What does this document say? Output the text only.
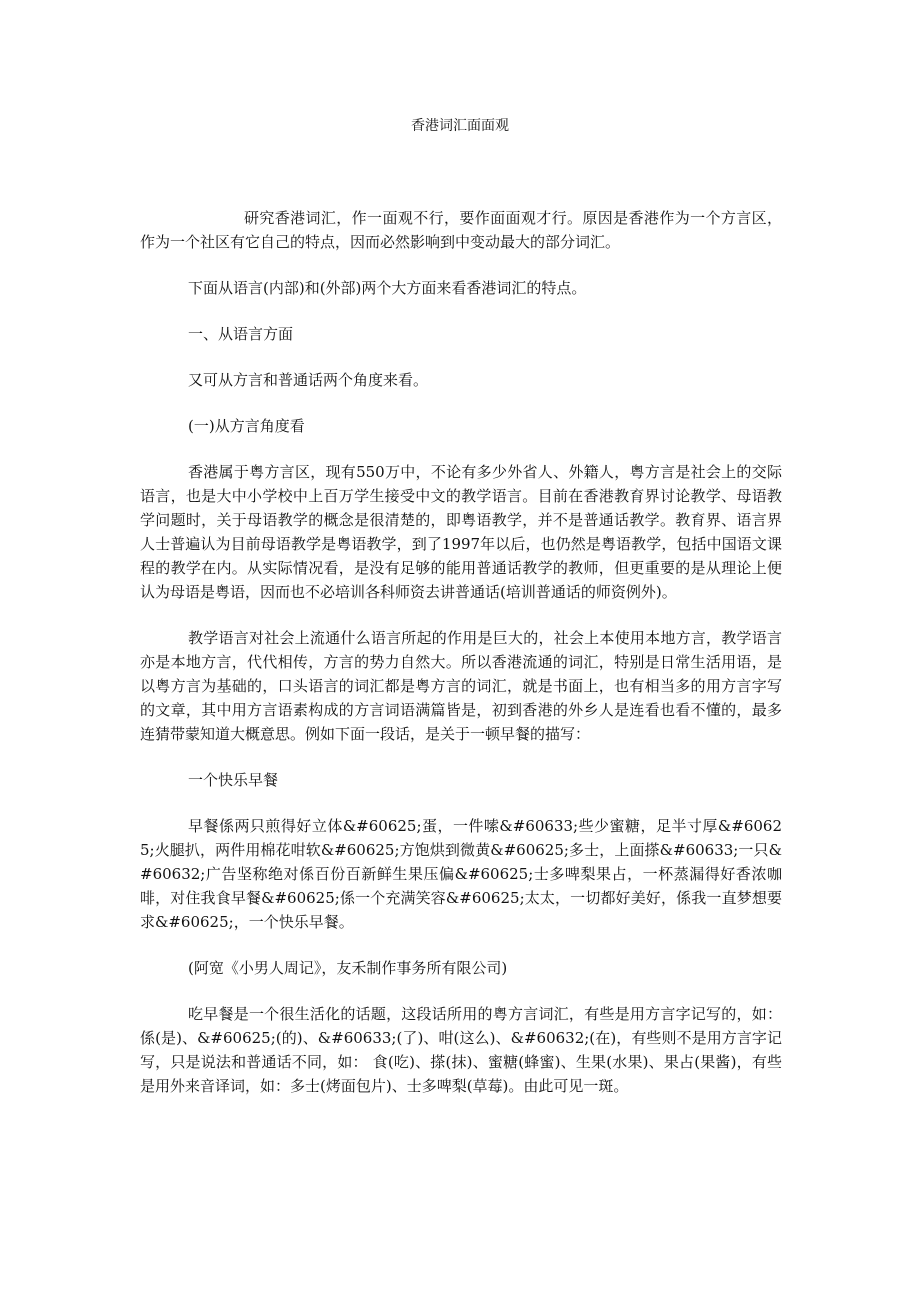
香港词汇面面观

研究香港词汇，作一面观不行，要作面面观才行。原因是香港作为一个方言区，作为一个社区有它自己的特点，因而必然影响到中变动最大的部分词汇。

下面从语言(内部)和(外部)两个大方面来看香港词汇的特点。

一、从语言方面

又可从方言和普通话两个角度来看。

(一)从方言角度看

香港属于粤方言区，现有550万中，不论有多少外省人、外籍人，粤方言是社会上的交际语言，也是大中小学校中上百万学生接受中文的教学语言。目前在香港教育界讨论教学、母语教学问题时，关于母语教学的概念是很清楚的，即粤语教学，并不是普通话教学。教育界、语言界人士普遍认为目前母语教学是粤语教学，到了1997年以后，也仍然是粤语教学，包括中国语文课程的教学在内。从实际情况看，是没有足够的能用普通话教学的教师，但更重要的是从理论上便认为母语是粤语，因而也不必培训各科师资去讲普通话(培训普通话的师资例外)。

教学语言对社会上流通什么语言所起的作用是巨大的，社会上本使用本地方言，教学语言亦是本地方言，代代相传，方言的势力自然大。所以香港流通的词汇，特别是日常生活用语，是以粤方言为基础的，口头语言的词汇都是粤方言的词汇，就是书面上，也有相当多的用方言字写的文章，其中用方言语素构成的方言词语满篇皆是，初到香港的外乡人是连看也看不懂的，最多连猜带蒙知道大概意思。例如下面一段话，是关于一顿早餐的描写：

一个快乐早餐

早餐係两只煎得好立体&#60625;蛋，一件嗦&#60633;些少蜜糖，足半寸厚&#60625;火腿扒，两件用棉花咁软&#60625;方饱烘到微黄&#60625;多士，上面搽&#60633;一只&#60632;广告坚称绝对係百份百新鲜生果压偏&#60625;士多啤梨果占，一杯蒸漏得好香浓咖啡，对住我食早餐&#60625;係一个充满笑容&#60625;太太，一切都好美好，係我一直梦想要求&#60625;，一个快乐早餐。

(阿宽《小男人周记》，友禾制作事务所有限公司)

吃早餐是一个很生活化的话题，这段话所用的粤方言词汇，有些是用方言字记写的，如：係(是)、&#60625;(的)、&#60633;(了)、咁(这么)、&#60632;(在)，有些则不是用方言字记写，只是说法和普通话不同，如： 食(吃)、搽(抹)、蜜糖(蜂蜜)、生果(水果)、果占(果酱)，有些是用外来音译词，如：多士(烤面包片)、士多啤梨(草莓)。由此可见一斑。
